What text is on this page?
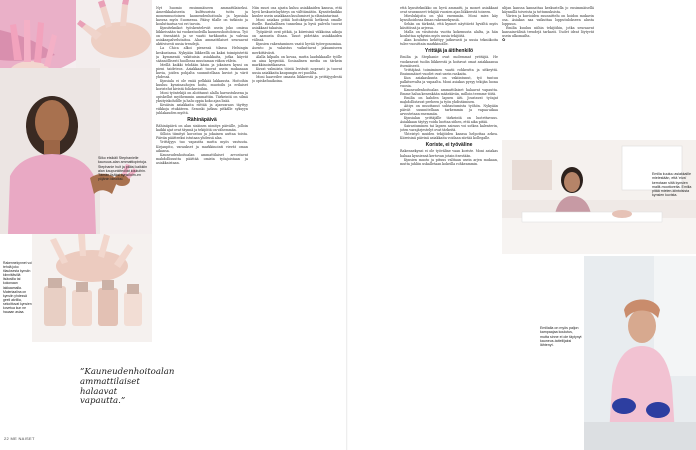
Siiko etsikäli Stephanielle kaunuus-alan ammattiopintoja. Stephanie huit ja pääsi kaikkiin alan kaupunkiteollat kouluihin. Tämän lisäksi kynsiloim-en yöjänin ideoiksi.
Rakennekynnet voi tehdä joko tilauksesta kynsiin kiinnittävillä lisäosilla tai kokonaan lakkaamalla. Materiaalina on kynsiin yhdessä geeli akrillia, sekoittuvat kynsien kovetua kun ne hauaan asiaa.
”Kauneudenhoitoalan ammattilaiset halaavat vapautta.”
22 ME NAISET

Nyt huomio ensimmäiseen ammattilaiseksi. Amerikkalaisesta kulttuurista tuttu ja monenmuotoinen kauneudenhoitoala ja kynsiala kasvaa myös Suomessa. Pääsy tilalle on tutkinto ja kouluttautua voi eri tavoin.

Kynsiteknikot työskentelevät usein joko omissa liikkeissään tai vuokratuoleilla kauneushoitoloissa. Työ on itsenäistä ja se vaatii tarkkuutta ja vahvaa asiakaspalvelutaitoa. Alan ammattilaiset seuraavat aktiivisesti uusia trendejä.

La Chica alkoi pienessä tilassa Helsingin keskustassa. Nykyään liikkeellä on kaksi toimipistettä ja kymmeniä vakituisia asiakkaita, jotka käyvät säännöllisesti huollossa muutaman viikon välein.

Meillä kaikki tehdään käsin ja jokainen kynsi on pieni taideteos. Asiakkaat tuovat usein mukanaan kuvia, joiden pohjalta suunnitellaan kuviot ja värit yhdessä.

Kynsiala ei ole enää pelkkää lakkausta. Hoitoihin kuuluu kynsinauhojen hoito, muotoilu ja erilaiset koristelut kivistä foliokuvioihin.

Moni työntekijä on aloittanut alalla harrastuksena ja opiskellut myöhemmin ammattiin. Tärkeintä on silmä yksityiskohdille ja halu oppia koko ajan lisää.

Kesäisin asiakkaita riittää ja ajanvaraus täyttyy viikkoja etukäteen. Sesonki jatkuu pitkälle syksyyn juhlakauden myötä.

Rähinäpäivä

Rähinäpäivä on alan sisäinen nimitys päivälle, jolloin kaikki ajat ovat täynnä ja tekijöitä on vähemmän.

Silloin tiimityö korostuu ja jokainen auttaa toista. Päivän päätteeksi istutaan yhdessä alas.

Yrittäjyys tuo vapautta mutta myös vastuuta. Kirjanpito, varaukset ja markkinointi vievät oman aikansa.

Kauneudenhoitoalan ammattilaiset arvostavat mahdollisuutta päättää omista työajoistaan ja asiakkaistaan.

Niin suuri osa ajasta kuluu asiakkaiden kanssa, että hyvä keskusteluyhteys on välttämätön. Kynsiteknikko kuulee usein asiakkaan kuulumiset ja elämäntarinat.

Moni asiakas pitää hoitokäyntiä hetkenä omalle itselle. Rauhallinen tunnelma ja hyvä palvelu tuovat asiakkaat takaisin.

Työpäivät ovat pitkiä, ja kiireisinä viikkoina aikoja on aamusta iltaan. Tauot pidetään asiakkaiden välissä.

Kynsien rakentaminen vaatii hyvää työergonomiaa. Asento ja valaistus vaikuttavat jaksamiseen merkittävästi.

Alalla kilpailu on kovaa, mutta laadukkaalle työlle on aina kysyntää. Sosiaalinen media on tärkein markkinointikanava.

Kuvat valmiista töistä leviävät nopeasti ja tuovat uusia asiakkaita kaupungin eri puolilta.

Moni haaveilee omasta liikkeestä ja yrittäjyydestä jo opiskeluaikoina.

että kynsiteknikko on hyvä ammatti, ja monet asiakkaat ovat seuranneet tekijää vuosien ajan liikkeestä toiseen.

Mieslukijoita on yhä enemmän. Moni mies käy kynsihoidossa ilman rakennekynsiä.

Sehän on tärkeää, että kynnet näyttävät hyvältä myös käsitöissä ja arjessa.

Malla on viisitoista vuotta kokemusta alalta, ja hän kouluttaa nykyisin myös uusia tekijöitä.

Alan koulutus kehittyy jatkuvasti ja uusia tekniikoita tulee vuosittain markkinoille.

Yrittäjä ja äitihenkilö

Emilia ja Stephanie ovat molemmat yrittäjiä. He vuokraavat tuolin liikkeestä ja hoitavat omat asiakkaansa itsenäisesti.

Yrittäjänä toimiminen vaatii rohkeutta ja sitkeyttä. Ensimmäiset vuodet ovat usein raskaita.

Kun asiakaskunta on vakiintunut, työ tuntuu palkitsevalta ja vapaalta. Moni asiakas pysyy tekijän luona vuosia.

Kauneudenhoitoalan ammattilaiset halaavat vapautta. Emme halua kenenkään määräävän, milloin teemme töitä.

Emilia on kahden lapsen äiti. Joustavat työajat mahdollistavat perheen ja työn yhdistämisen.

Äitiys on muuttanut suhtautumista työhön. Nykyään päivät suunnitellaan tarkemmin ja vapaa-aikaa arvostetaan enemmän.

Kynsialan yrittäjälle tärkeintä on luotettavuus. Asiakkaan täytyy voida luottaa siihen, että aika pitää.

Sairastuminen tai lapsen sairaus voi sotkea kalenterin, joten varajärjestelyt ovat tärkeitä.

Yhteistyö muiden tekijöiden kanssa helpottaa arkea. Kiireisinä päivinä asiakkaita voidaan siirtää kollegalle.

Koriste, ei työväline

Rakennekynsi ei ole työväline vaan koriste. Moni asiakas haluaa kynsiensä kertovan jotain itsestään.

Kynsien muoto ja pituus valitaan usein arjen mukaan, mutta juhliin uskalletaan kokeilla rohkeammin.

ulijan kanssa kannattaa keskustella jo ensimmäisellä käynnillä toiveista ja tottumuksista.

Värien ja kuvioiden suunnittelu on hoidon mukavin osa. Asiakas saa vaikuttaa lopputulokseen alusta loppuun.

Emilia kuuluu niihin tekijöihin, jotka seuraavat kansainvälisiä trendejä tarkasti. Uudet ideat löytyvät usein ulkomailta.

✿
Emilia kuuluu asiakkaille mielestään, että 'eiva' kerrotaan siitä kynsien mallit-moottoreita. Emilia pitää mielen-kiintoisista kynsien kuvista.
Emilialla on myös paljon kampaajaa koulutus, mutta sinne ei ole täytynyt kauneus-taiteilijaksi lähtenyt.
